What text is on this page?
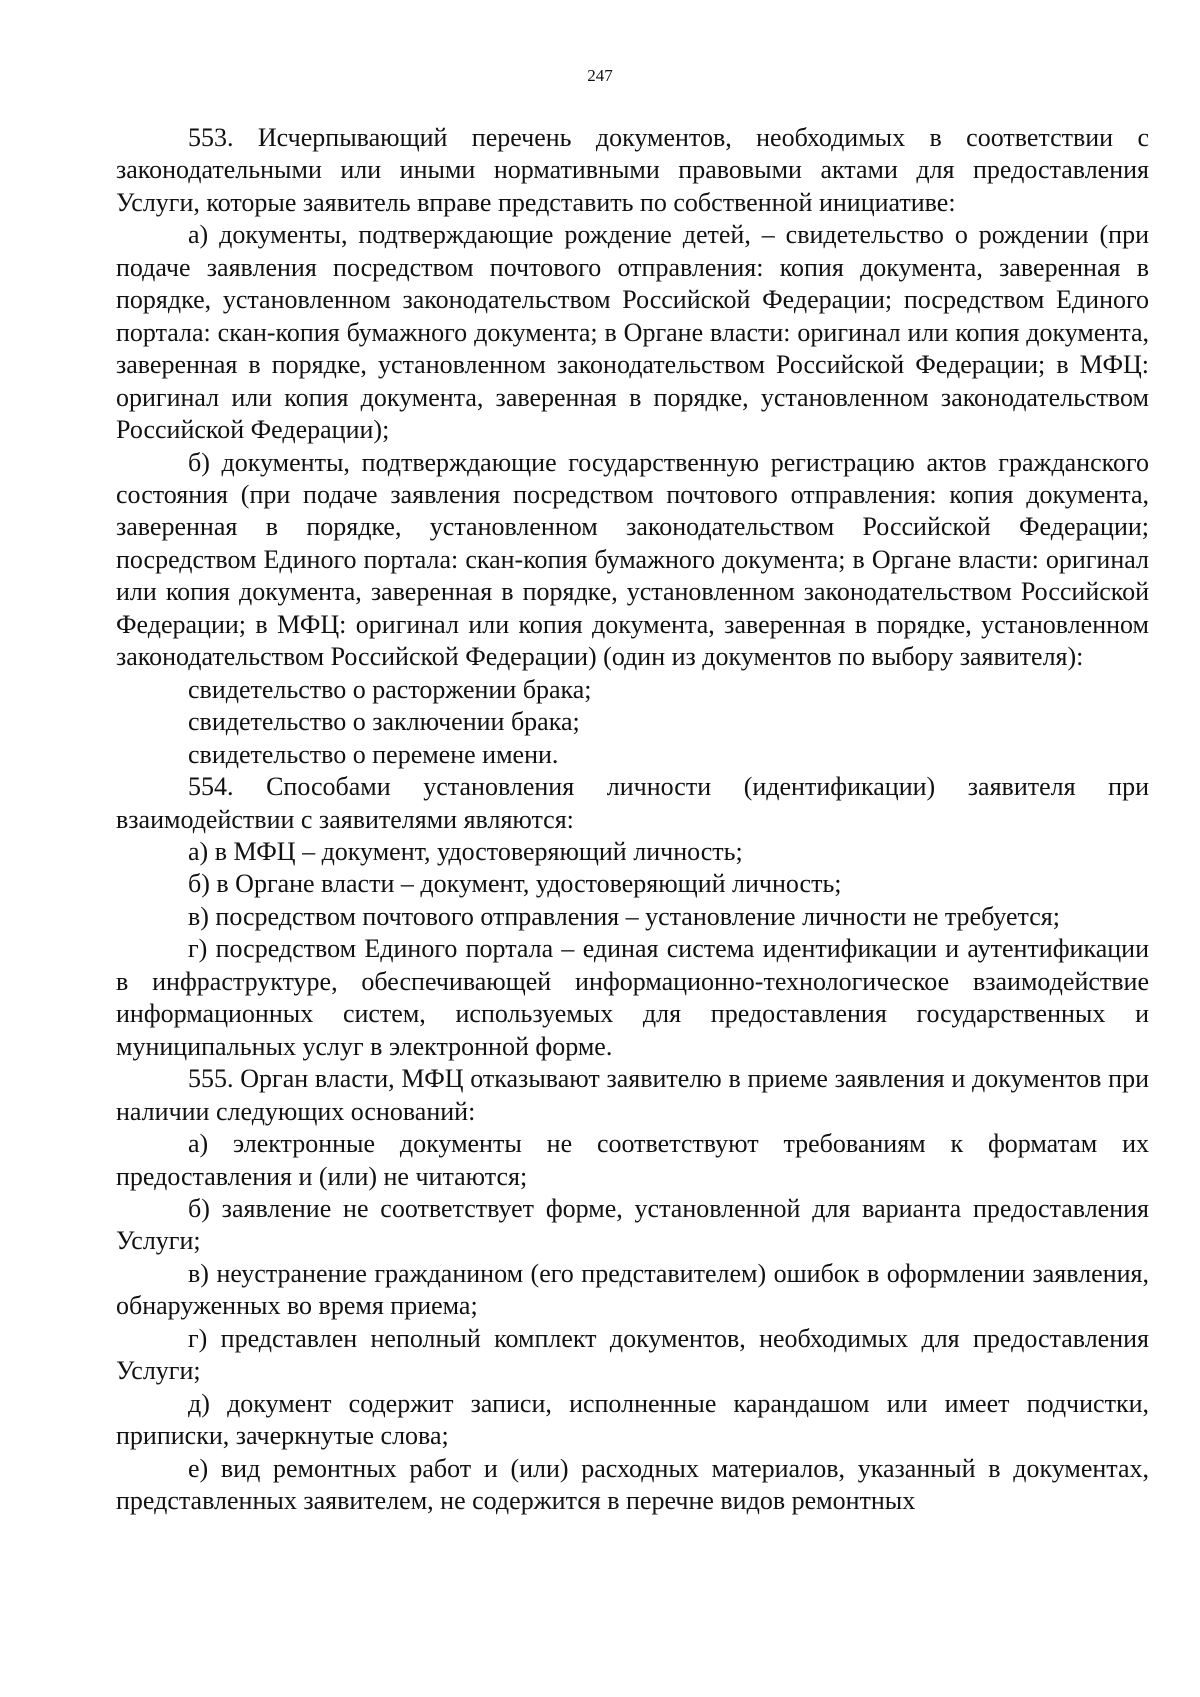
247

553. Исчерпывающий перечень документов, необходимых в соответствии с законодательными или иными нормативными правовыми актами для предоставления Услуги, которые заявитель вправе представить по собственной инициативе:

а) документы, подтверждающие рождение детей, – свидетельство о рождении (при подаче заявления посредством почтового отправления: копия документа, заверенная в порядке, установленном законодательством Российской Федерации; посредством Единого портала: скан-копия бумажного документа; в Органе власти: оригинал или копия документа, заверенная в порядке, установленном законодательством Российской Федерации; в МФЦ: оригинал или копия документа, заверенная в порядке, установленном законодательством Российской Федерации);

б) документы, подтверждающие государственную регистрацию актов гражданского состояния (при подаче заявления посредством почтового отправления: копия документа, заверенная в порядке, установленном законодательством Российской Федерации; посредством Единого портала: скан-копия бумажного документа; в Органе власти: оригинал или копия документа, заверенная в порядке, установленном законодательством Российской Федерации; в МФЦ: оригинал или копия документа, заверенная в порядке, установленном законодательством Российской Федерации) (один из документов по выбору заявителя):

свидетельство о расторжении брака;

свидетельство о заключении брака;

свидетельство о перемене имени.

554. Способами установления личности (идентификации) заявителя при взаимодействии с заявителями являются:

а) в МФЦ – документ, удостоверяющий личность;

б) в Органе власти – документ, удостоверяющий личность;

в) посредством почтового отправления – установление личности не требуется;

г) посредством Единого портала – единая система идентификации и аутентификации в инфраструктуре, обеспечивающей информационно-технологическое взаимодействие информационных систем, используемых для предоставления государственных и муниципальных услуг в электронной форме.

555. Орган власти, МФЦ отказывают заявителю в приеме заявления и документов при наличии следующих оснований:

а) электронные документы не соответствуют требованиям к форматам их предоставления и (или) не читаются;

б) заявление не соответствует форме, установленной для варианта предоставления Услуги;

в) неустранение гражданином (его представителем) ошибок в оформлении заявления, обнаруженных во время приема;

г) представлен неполный комплект документов, необходимых для предоставления Услуги;

д) документ содержит записи, исполненные карандашом или имеет подчистки, приписки, зачеркнутые слова;

е) вид ремонтных работ и (или) расходных материалов, указанный в документах, представленных заявителем, не содержится в перечне видов ремонтных
